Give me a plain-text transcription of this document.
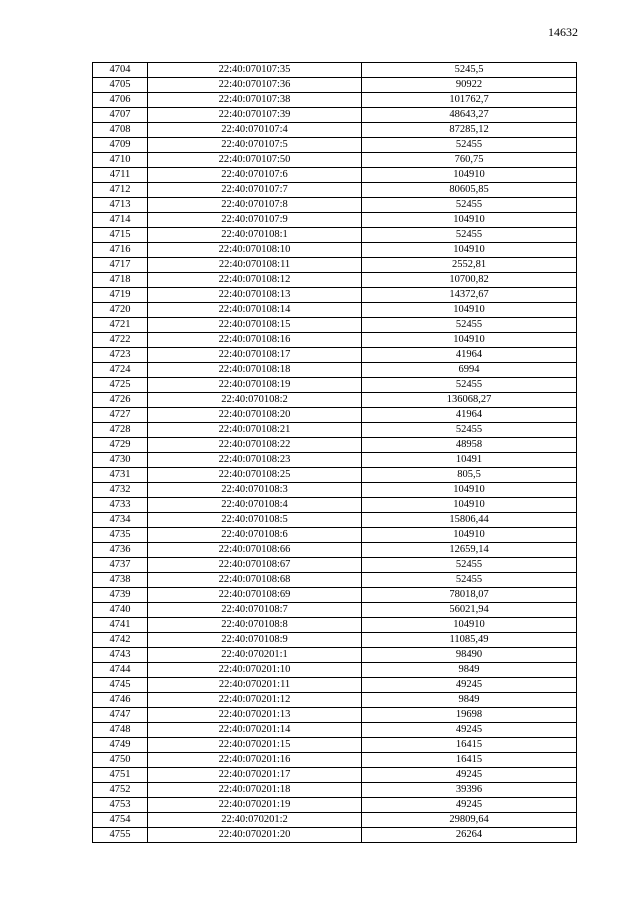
14632
4704	22:40:070107:35	5245,5
4705	22:40:070107:36	90922
4706	22:40:070107:38	101762,7
4707	22:40:070107:39	48643,27
4708	22:40:070107:4	87285,12
4709	22:40:070107:5	52455
4710	22:40:070107:50	760,75
4711	22:40:070107:6	104910
4712	22:40:070107:7	80605,85
4713	22:40:070107:8	52455
4714	22:40:070107:9	104910
4715	22:40:070108:1	52455
4716	22:40:070108:10	104910
4717	22:40:070108:11	2552,81
4718	22:40:070108:12	10700,82
4719	22:40:070108:13	14372,67
4720	22:40:070108:14	104910
4721	22:40:070108:15	52455
4722	22:40:070108:16	104910
4723	22:40:070108:17	41964
4724	22:40:070108:18	6994
4725	22:40:070108:19	52455
4726	22:40:070108:2	136068,27
4727	22:40:070108:20	41964
4728	22:40:070108:21	52455
4729	22:40:070108:22	48958
4730	22:40:070108:23	10491
4731	22:40:070108:25	805,5
4732	22:40:070108:3	104910
4733	22:40:070108:4	104910
4734	22:40:070108:5	15806,44
4735	22:40:070108:6	104910
4736	22:40:070108:66	12659,14
4737	22:40:070108:67	52455
4738	22:40:070108:68	52455
4739	22:40:070108:69	78018,07
4740	22:40:070108:7	56021,94
4741	22:40:070108:8	104910
4742	22:40:070108:9	11085,49
4743	22:40:070201:1	98490
4744	22:40:070201:10	9849
4745	22:40:070201:11	49245
4746	22:40:070201:12	9849
4747	22:40:070201:13	19698
4748	22:40:070201:14	49245
4749	22:40:070201:15	16415
4750	22:40:070201:16	16415
4751	22:40:070201:17	49245
4752	22:40:070201:18	39396
4753	22:40:070201:19	49245
4754	22:40:070201:2	29809,64
4755	22:40:070201:20	26264
